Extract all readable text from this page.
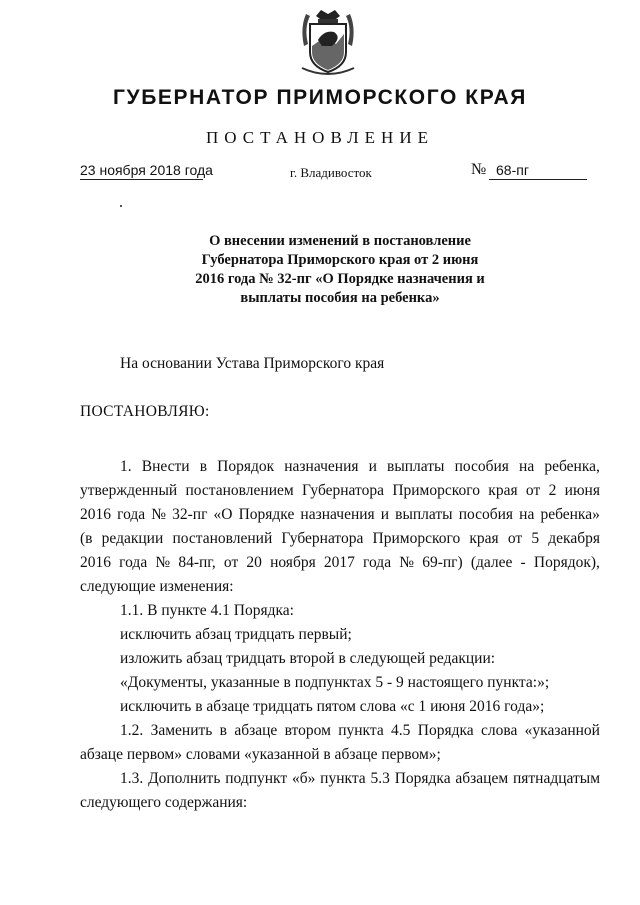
ГУБЕРНАТОР ПРИМОРСКОГО КРАЯ
ПОСТАНОВЛЕНИЕ
23 ноября 2018 года	г. Владивосток	№ 68-пг
О внесении изменений в постановление
Губернатора Приморского края от 2 июня
2016 года № 32-пг «О Порядке назначения и
выплаты пособия на ребенка»
На основании Устава Приморского края
ПОСТАНОВЛЯЮ:
1. Внести в Порядок назначения и выплаты пособия на ребенка,
утвержденный постановлением Губернатора Приморского края от 2 июня
2016 года № 32-пг «О Порядке назначения и выплаты пособия на ребенка»
(в редакции постановлений Губернатора Приморского края от 5 декабря
2016 года № 84-пг, от 20 ноября 2017 года № 69-пг) (далее - Порядок),
следующие изменения:
1.1. В пункте 4.1 Порядка:
исключить абзац тридцать первый;
изложить абзац тридцать второй в следующей редакции:
«Документы, указанные в подпунктах 5 - 9 настоящего пункта:»;
исключить в абзаце тридцать пятом слова «с 1 июня 2016 года»;
1.2. Заменить в абзаце втором пункта 4.5 Порядка слова «указанной
абзаце первом» словами «указанной в абзаце первом»;
1.3. Дополнить подпункт «б» пункта 5.3 Порядка абзацем пятнадцатым
следующего содержания:
